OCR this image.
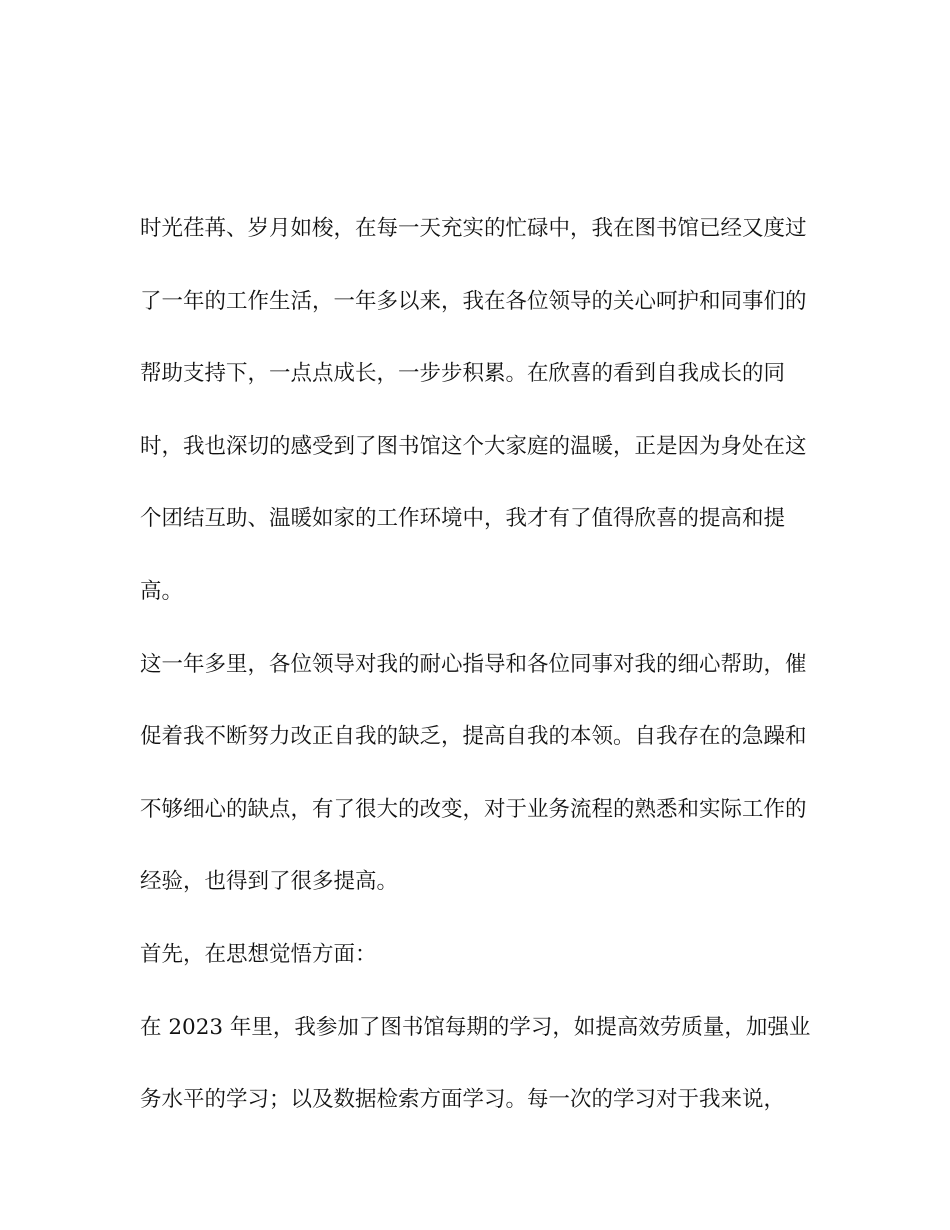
时光荏苒、岁月如梭，在每一天充实的忙碌中，我在图书馆已经又度过了一年的工作生活，一年多以来，我在各位领导的关心呵护和同事们的帮助支持下，一点点成长，一步步积累。在欣喜的看到自我成长的同时，我也深切的感受到了图书馆这个大家庭的温暖，正是因为身处在这个团结互助、温暖如家的工作环境中，我才有了值得欣喜的提高和提高。

这一年多里，各位领导对我的耐心指导和各位同事对我的细心帮助，催促着我不断努力改正自我的缺乏，提高自我的本领。自我存在的急躁和不够细心的缺点，有了很大的改变，对于业务流程的熟悉和实际工作的经验，也得到了很多提高。

首先，在思想觉悟方面：

在 2023 年里，我参加了图书馆每期的学习，如提高效劳质量，加强业务水平的学习；以及数据检索方面学习。每一次的学习对于我来说，
